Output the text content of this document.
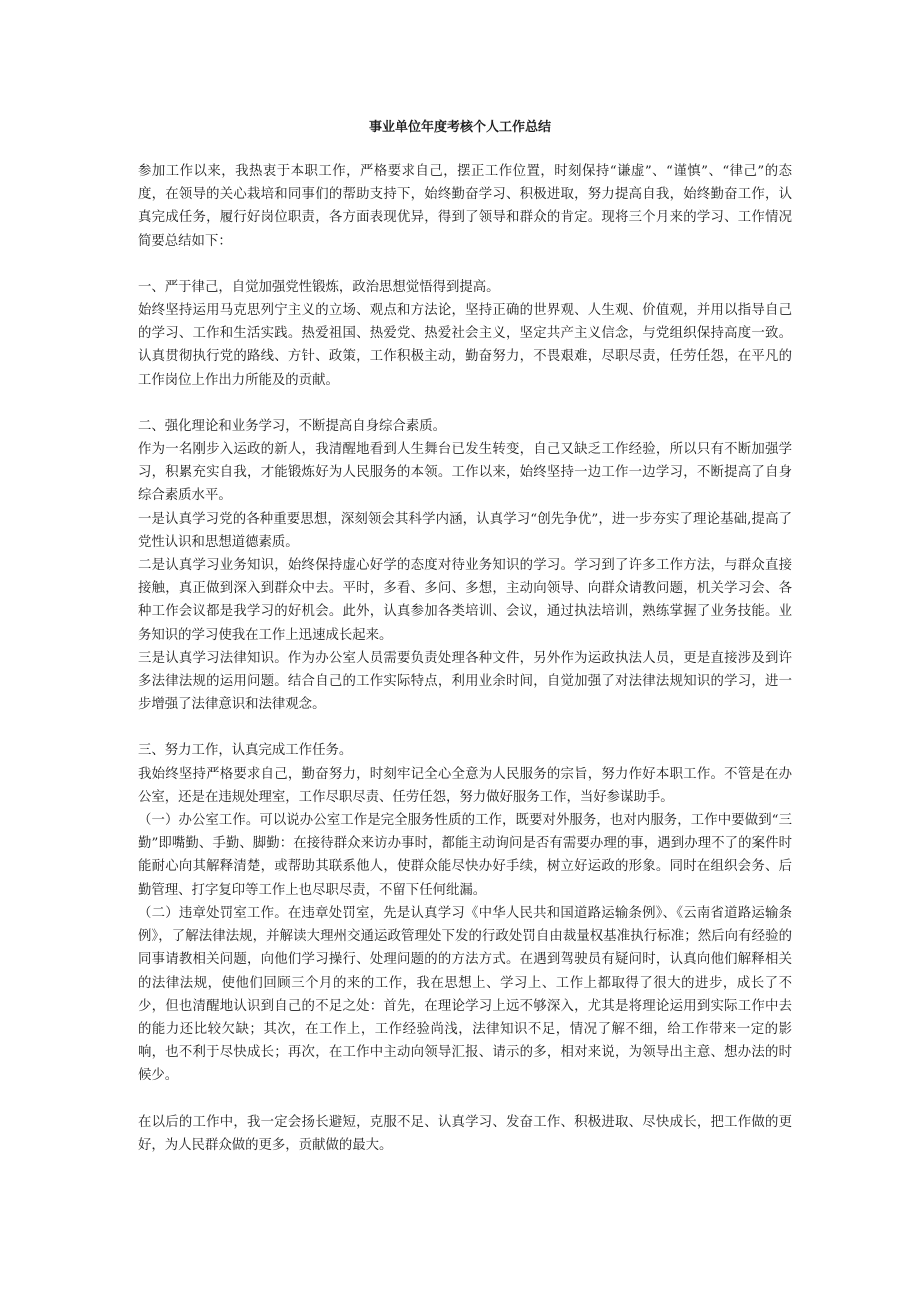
事业单位年度考核个人工作总结

参加工作以来，我热衷于本职工作，严格要求自己，摆正工作位置，时刻保持“谦虚”、“谨慎”、“律己”的态度，在领导的关心栽培和同事们的帮助支持下，始终勤奋学习、积极进取，努力提高自我，始终勤奋工作，认真完成任务，履行好岗位职责，各方面表现优异，得到了领导和群众的肯定。现将三个月来的学习、工作情况简要总结如下：

一、严于律己，自觉加强党性锻炼，政治思想觉悟得到提高。

始终坚持运用马克思列宁主义的立场、观点和方法论，坚持正确的世界观、人生观、价值观，并用以指导自己的学习、工作和生活实践。热爱祖国、热爱党、热爱社会主义，坚定共产主义信念，与党组织保持高度一致。认真贯彻执行党的路线、方针、政策，工作积极主动，勤奋努力，不畏艰难，尽职尽责，任劳任怨，在平凡的工作岗位上作出力所能及的贡献。

二、强化理论和业务学习，不断提高自身综合素质。

作为一名刚步入运政的新人，我清醒地看到人生舞台已发生转变，自己又缺乏工作经验，所以只有不断加强学习，积累充实自我，才能锻炼好为人民服务的本领。工作以来，始终坚持一边工作一边学习，不断提高了自身综合素质水平。

一是认真学习党的各种重要思想，深刻领会其科学内涵，认真学习“创先争优”，进一步夯实了理论基础,提高了党性认识和思想道德素质。

二是认真学习业务知识，始终保持虚心好学的态度对待业务知识的学习。学习到了许多工作方法，与群众直接接触，真正做到深入到群众中去。平时，多看、多问、多想，主动向领导、向群众请教问题，机关学习会、各种工作会议都是我学习的好机会。此外，认真参加各类培训、会议，通过执法培训，熟练掌握了业务技能。业务知识的学习使我在工作上迅速成长起来。

三是认真学习法律知识。作为办公室人员需要负责处理各种文件，另外作为运政执法人员，更是直接涉及到许多法律法规的运用问题。结合自己的工作实际特点，利用业余时间，自觉加强了对法律法规知识的学习，进一步增强了法律意识和法律观念。

三、努力工作，认真完成工作任务。

我始终坚持严格要求自己，勤奋努力，时刻牢记全心全意为人民服务的宗旨，努力作好本职工作。不管是在办公室，还是在违规处理室，工作尽职尽责、任劳任怨，努力做好服务工作，当好参谋助手。

（一）办公室工作。可以说办公室工作是完全服务性质的工作，既要对外服务，也对内服务，工作中要做到“三勤”即嘴勤、手勤、脚勤：在接待群众来访办事时，都能主动询问是否有需要办理的事，遇到办理不了的案件时能耐心向其解释清楚，或帮助其联系他人，使群众能尽快办好手续，树立好运政的形象。同时在组织会务、后勤管理、打字复印等工作上也尽职尽责，不留下任何纰漏。

（二）违章处罚室工作。在违章处罚室，先是认真学习《中华人民共和国道路运输条例》、《云南省道路运输条例》，了解法律法规，并解读大理州交通运政管理处下发的行政处罚自由裁量权基准执行标准；然后向有经验的同事请教相关问题，向他们学习操行、处理问题的的方法方式。在遇到驾驶员有疑问时，认真向他们解释相关的法律法规，使他们回顾三个月的来的工作，我在思想上、学习上、工作上都取得了很大的进步，成长了不少，但也清醒地认识到自己的不足之处：首先，在理论学习上远不够深入，尤其是将理论运用到实际工作中去的能力还比较欠缺；其次，在工作上，工作经验尚浅，法律知识不足，情况了解不细，给工作带来一定的影响，也不利于尽快成长；再次，在工作中主动向领导汇报、请示的多，相对来说，为领导出主意、想办法的时候少。

在以后的工作中，我一定会扬长避短，克服不足、认真学习、发奋工作、积极进取、尽快成长，把工作做的更好，为人民群众做的更多，贡献做的最大。
